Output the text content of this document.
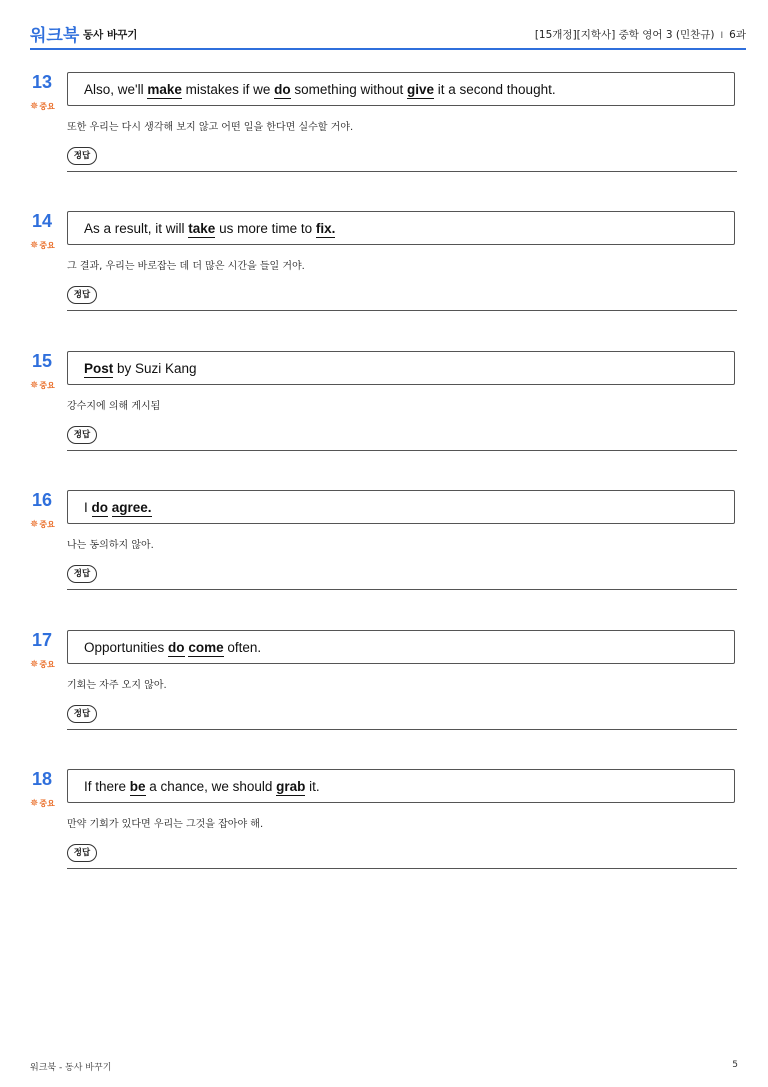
워크북 동사 바꾸기	[15개정][지학사] 중학 영어 3 (민찬규) I 6과
13
✵중요
Also, we'll make mistakes if we do something without give it a second thought.
또한 우리는 다시 생각해 보지 않고 어떤 일을 한다면 실수할 거야.
정답
14
✵중요
As a result, it will take us more time to fix.
그 결과, 우리는 바로잡는 데 더 많은 시간을 들일 거야.
정답
15
✵중요
Post by Suzi Kang
강수지에 의해 게시됨
정답
16
✵중요
I do agree.
나는 동의하지 않아.
정답
17
✵중요
Opportunities do come often.
기회는 자주 오지 않아.
정답
18
✵중요
If there be a chance, we should grab it.
만약 기회가 있다면 우리는 그것을 잡아야 해.
정답
워크북 - 동사 바꾸기	5
